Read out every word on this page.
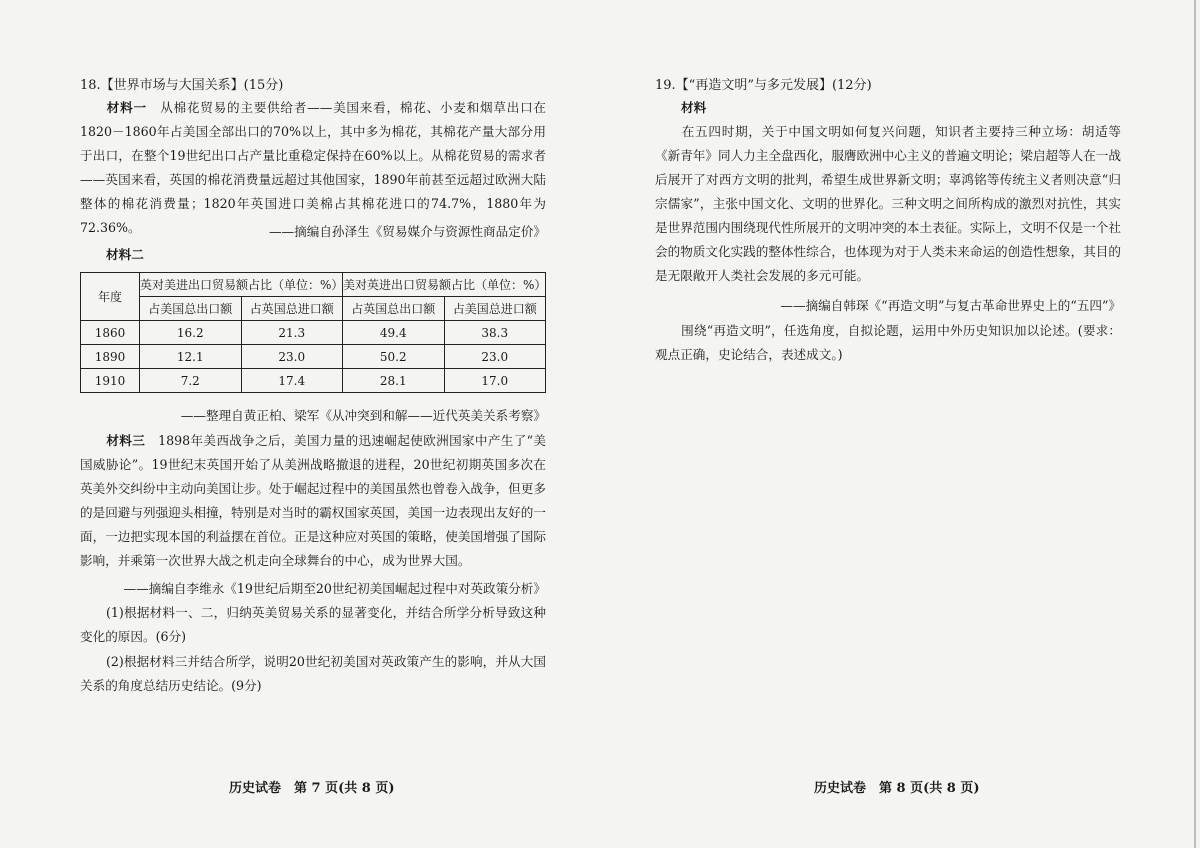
18.【世界市场与大国关系】(15分)
材料一　 从棉花贸易的主要供给者——美国来看，棉花、小麦和烟草出口在1820－1860年占美国全部出口的70%以上，其中多为棉花，其棉花产量大部分用于出口，在整个19世纪出口占产量比重稳定保持在60%以上。从棉花贸易的需求者——英国来看，英国的棉花消费量远超过其他国家，1890年前甚至远超过欧洲大陆整体的棉花消费量；1820年英国进口美棉占其棉花进口的74.7%，1880年为72.36%。	——摘编自孙泽生《贸易媒介与资源性商品定价》
材料二
年度	英对美进出口贸易额占比（单位：%）		美对英进出口贸易额占比（单位：%）	
	占美国总出口额	占英国总进口额	占英国总出口额	占美国总进口额
1860	16.2	21.3	49.4	38.3
1890	12.1	23.0	50.2	23.0
1910	7.2	17.4	28.1	17.0
——整理自黄正柏、梁军《从冲突到和解——近代英美关系考察》
材料三　 1898年美西战争之后，美国力量的迅速崛起使欧洲国家中产生了“美国威胁论”。19世纪末英国开始了从美洲战略撤退的进程，20世纪初期英国多次在英美外交纠纷中主动向美国让步。处于崛起过程中的美国虽然也曾卷入战争，但更多的是回避与列强迎头相撞，特别是对当时的霸权国家英国，美国一边表现出友好的一面，一边把实现本国的利益摆在首位。正是这种应对英国的策略，使美国增强了国际影响，并乘第一次世界大战之机走向全球舞台的中心，成为世界大国。
——摘编自李维永《19世纪后期至20世纪初美国崛起过程中对英政策分析》
(1)根据材料一、二，归纳英美贸易关系的显著变化，并结合所学分析导致这种变化的原因。(6分)
(2)根据材料三并结合所学，说明20世纪初美国对英政策产生的影响，并从大国关系的角度总结历史结论。(9分)
历史试卷　第 7 页(共 8 页)
19.【“再造文明”与多元发展】(12分)
材料
在五四时期，关于中国文明如何复兴问题，知识者主要持三种立场：胡适等《新青年》同人力主全盘西化，服膺欧洲中心主义的普遍文明论；梁启超等人在一战后展开了对西方文明的批判，希望生成世界新文明；辜鸿铭等传统主义者则决意“归宗儒家”，主张中国文化、文明的世界化。三种文明之间所构成的激烈对抗性，其实是世界范围内围绕现代性所展开的文明冲突的本土表征。实际上，文明不仅是一个社会的物质文化实践的整体性综合，也体现为对于人类未来命运的创造性想象，其目的是无限敞开人类社会发展的多元可能。
——摘编自韩琛《“再造文明”与复古革命世界史上的“五四”》
围绕“再造文明”，任选角度，自拟论题，运用中外历史知识加以论述。(要求：观点正确，史论结合，表述成文。)
历史试卷　第 8 页(共 8 页)
